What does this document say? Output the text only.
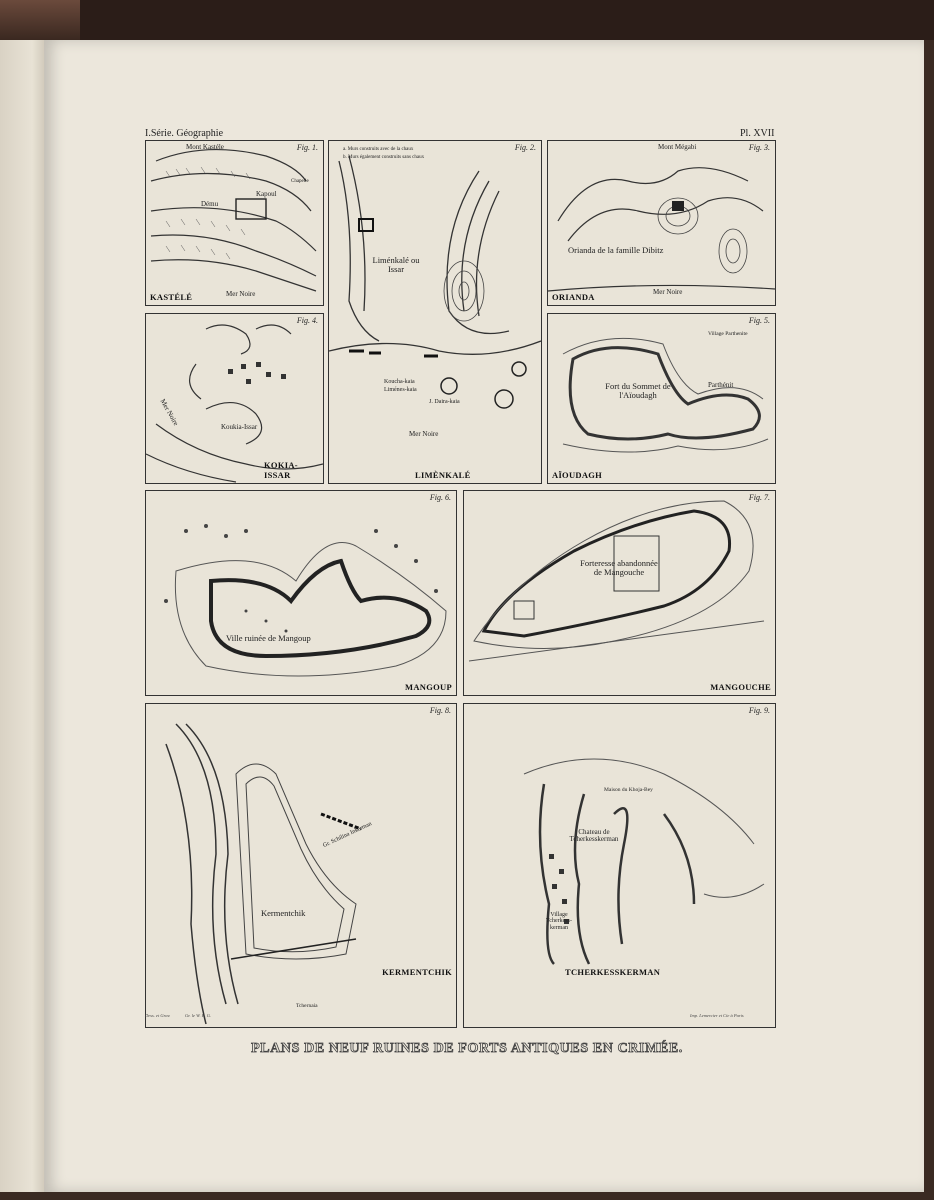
I.Série. Géographie	Pl. XVII
Fig. 1.
Mont Kastéle
Dému
Kapoul
Chapelle
Mer Noire
KASTÉLÉ
Fig. 2.
a. Murs construits avec de la chaux
b. Murs également construits sans chaux
Liménkalé ou Issar
Koucha-kaia
Liménes-kaia
J. Daira-kaia
Mer Noire
LIMÈNKALÉ
Fig. 3.
Mont Mégabi
Orianda de la famille Dibitz
Mer Noire
ORIANDA
Fig. 4.
Mer Noire	Koukia-Issar
KOKIA-ISSAR
Fig. 5.
Village Parthenite
Fort du Sommet de l'Aïoudagh
Parthénit
AÏOUDAGH
Fig. 6.
Ville ruinée de Mangoup
MANGOUP
Fig. 7.
Forteresse abandonnée de Mangouche
MANGOUCHE
Fig. 8.
Kermentchik
Gr. Schilina Inkerman
Tchernaia
KERMENTCHIK
Fig. 9.
Maison du Khoja-Bey
Chateau de Tcherkesskerman
Village Tcherkess-kerman
TCHERKESSKERMAN
Dess. et Grav.	Gr. le W. E. G.	Imp. Lemercier et Cie à Paris
PLANS DE NEUF RUINES DE FORTS ANTIQUES EN CRIMÉE.
